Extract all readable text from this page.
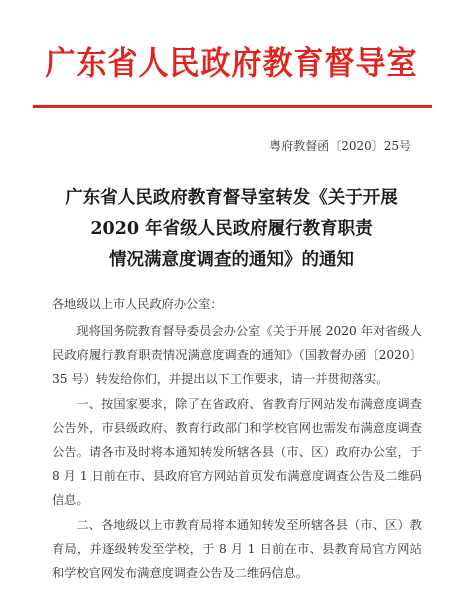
广东省人民政府教育督导室
粤府教督函〔2020〕25号
广东省人民政府教育督导室转发《关于开展
2020 年省级人民政府履行教育职责
情况满意度调查的通知》的通知
各地级以上市人民政府办公室：

现将国务院教育督导委员会办公室《关于开展 2020 年对省级人民政府履行教育职责情况满意度调查的通知》（国教督办函〔2020〕35 号）转发给你们，并提出以下工作要求，请一并贯彻落实。

一、按国家要求，除了在省政府、省教育厅网站发布满意度调查公告外，市县级政府、教育行政部门和学校官网也需发布满意度调查公告。请各市及时将本通知转发所辖各县（市、区）政府办公室，于 8 月 1 日前在市、县政府官方网站首页发布满意度调查公告及二维码信息。

二、各地级以上市教育局将本通知转发至所辖各县（市、区）教育局，并逐级转发至学校，于 8 月 1 日前在市、县教育局官方网站和学校官网发布满意度调查公告及二维码信息。
